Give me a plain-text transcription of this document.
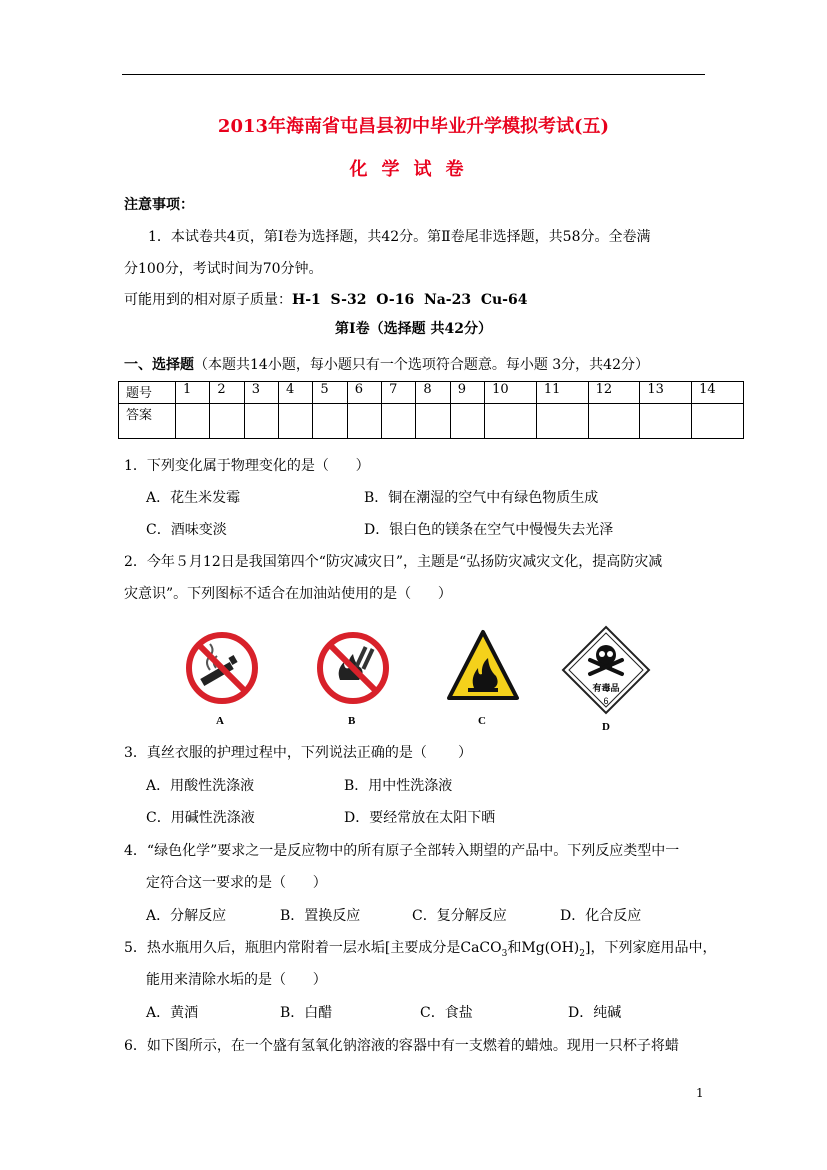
2013年海南省屯昌县初中毕业升学模拟考试(五)
化学试卷
注意事项：
1．本试卷共4页，第Ⅰ卷为选择题，共42分。第Ⅱ卷尾非选择题，共58分。全卷满
分100分，考试时间为70分钟。
可能用到的相对原子质量：H-1  S-32  O-16  Na-23  Cu-64
第Ⅰ卷（选择题 共42分）
一、选择题（本题共14小题，每小题只有一个选项符合题意。每小题 3分，共42分）
题号	1	2	3	4	5	6	7	8	9	10	11	12	13	14
答案														
1．下列变化属于物理变化的是（      ）
A．花生米发霉	B．铜在潮湿的空气中有绿色物质生成
C．酒味变淡	D．银白色的镁条在空气中慢慢失去光泽
2．今年５月12日是我国第四个“防灾减灾日”，主题是“弘扬防灾减灾文化，提高防灾减
灾意识”。下列图标不适合在加油站使用的是（      ）
A	B	C
有毒品
6
D
3．真丝衣服的护理过程中，下列说法正确的是（       ）
A．用酸性洗涤液	B．用中性洗涤液
C．用碱性洗涤液	D．要经常放在太阳下晒
4．“绿色化学”要求之一是反应物中的所有原子全部转入期望的产品中。下列反应类型中一
定符合这一要求的是（      ）
A．分解反应	B．置换反应	C．复分解反应	D．化合反应
5．热水瓶用久后，瓶胆内常附着一层水垢[主要成分是CaCO$_3$和$Mg(OH)_2$]，下列家庭用品中，
能用来清除水垢的是（      ）
A．黄酒	B．白醋	C．食盐	D．纯碱
6．如下图所示，在一个盛有氢氧化钠溶液的容器中有一支燃着的蜡烛。现用一只杯子将蜡
1
